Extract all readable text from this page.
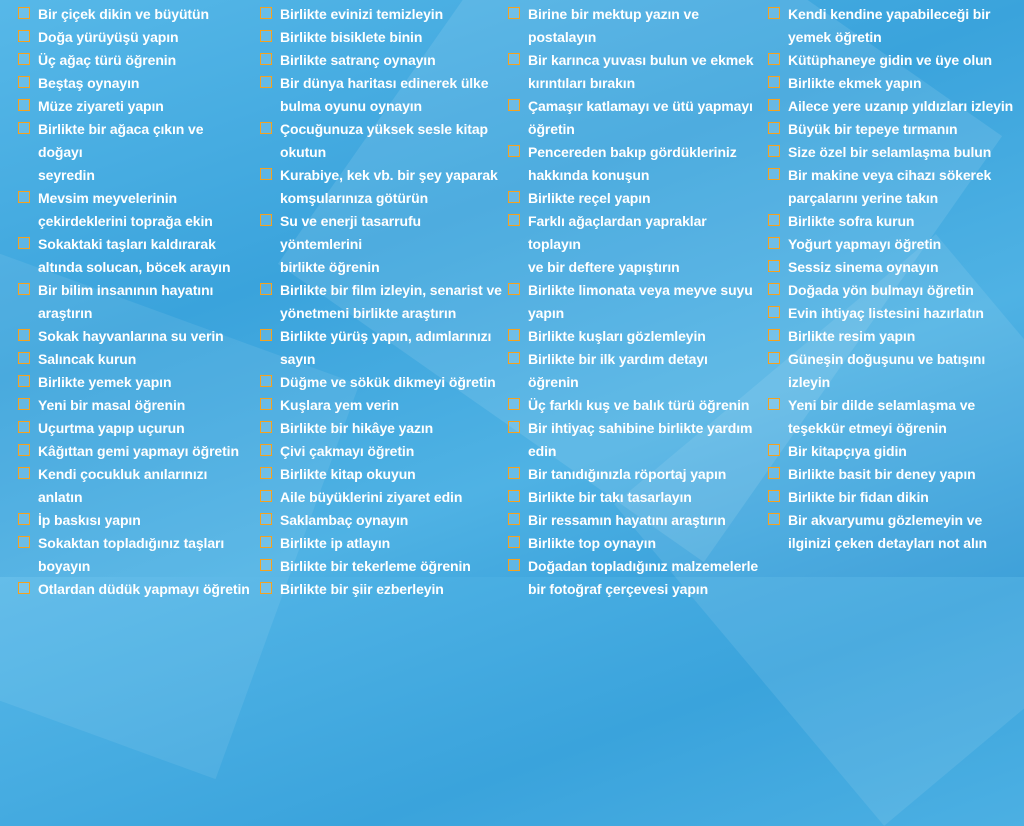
Bir çiçek dikin ve büyütün
Doğa yürüyüşü yapın
Üç ağaç türü öğrenin
Beştaş oynayın
Müze ziyareti yapın
Birlikte bir ağaca çıkın ve doğayı
seyredin
Mevsim meyvelerinin
çekirdeklerini toprağa ekin
Sokaktaki taşları kaldırarak
altında solucan, böcek arayın
Bir bilim insanının hayatını
araştırın
Sokak hayvanlarına su verin
Salıncak kurun
Birlikte yemek yapın
Yeni bir masal öğrenin
Uçurtma yapıp uçurun
Kâğıttan gemi yapmayı öğretin
Kendi çocukluk anılarınızı
anlatın
İp baskısı yapın
Sokaktan topladığınız taşları
boyayın
Otlardan düdük yapmayı öğretin
Birlikte evinizi temizleyin
Birlikte bisiklete binin
Birlikte satranç oynayın
Bir dünya haritası edinerek ülke
bulma oyunu oynayın
Çocuğunuza yüksek sesle kitap
okutun
Kurabiye, kek vb. bir şey yaparak
komşularınıza götürün
Su ve enerji tasarrufu yöntemlerini
birlikte öğrenin
Birlikte bir film izleyin, senarist ve
yönetmeni birlikte araştırın
Birlikte yürüş yapın, adımlarınızı
sayın
Düğme ve sökük dikmeyi öğretin
Kuşlara yem verin
Birlikte bir hikâye yazın
Çivi çakmayı öğretin
Birlikte kitap okuyun
Aile büyüklerini ziyaret edin
Saklambaç oynayın
Birlikte ip atlayın
Birlikte bir tekerleme öğrenin
Birlikte bir şiir ezberleyin
Birine bir mektup yazın ve
postalayın
Bir karınca yuvası bulun ve ekmek
kırıntıları bırakın
Çamaşır katlamayı ve ütü yapmayı
öğretin
Pencereden bakıp gördükleriniz
hakkında konuşun
Birlikte reçel yapın
Farklı ağaçlardan yapraklar toplayın
ve bir deftere yapıştırın
Birlikte limonata veya meyve suyu
yapın
Birlikte kuşları gözlemleyin
Birlikte bir ilk yardım detayı
öğrenin
Üç farklı kuş ve balık türü öğrenin
Bir ihtiyaç sahibine birlikte yardım
edin
Bir tanıdığınızla röportaj yapın
Birlikte bir takı tasarlayın
Bir ressamın hayatını araştırın
Birlikte top oynayın
Doğadan topladığınız malzemelerle
bir fotoğraf çerçevesi yapın
Kendi kendine yapabileceği bir
yemek öğretin
Kütüphaneye gidin ve üye olun
Birlikte ekmek yapın
Ailece yere uzanıp yıldızları izleyin
Büyük bir tepeye tırmanın
Size özel bir selamlaşma bulun
Bir makine veya cihazı sökerek
parçalarını yerine takın
Birlikte sofra kurun
Yoğurt yapmayı öğretin
Sessiz sinema oynayın
Doğada yön bulmayı öğretin
Evin ihtiyaç listesini hazırlatın
Birlikte resim yapın
Güneşin doğuşunu ve batışını
izleyin
Yeni bir dilde selamlaşma ve
teşekkür etmeyi öğrenin
Bir kitapçıya gidin
Birlikte basit bir deney yapın
Birlikte bir fidan dikin
Bir akvaryumu gözlemeyin ve
ilginizi çeken detayları not alın
